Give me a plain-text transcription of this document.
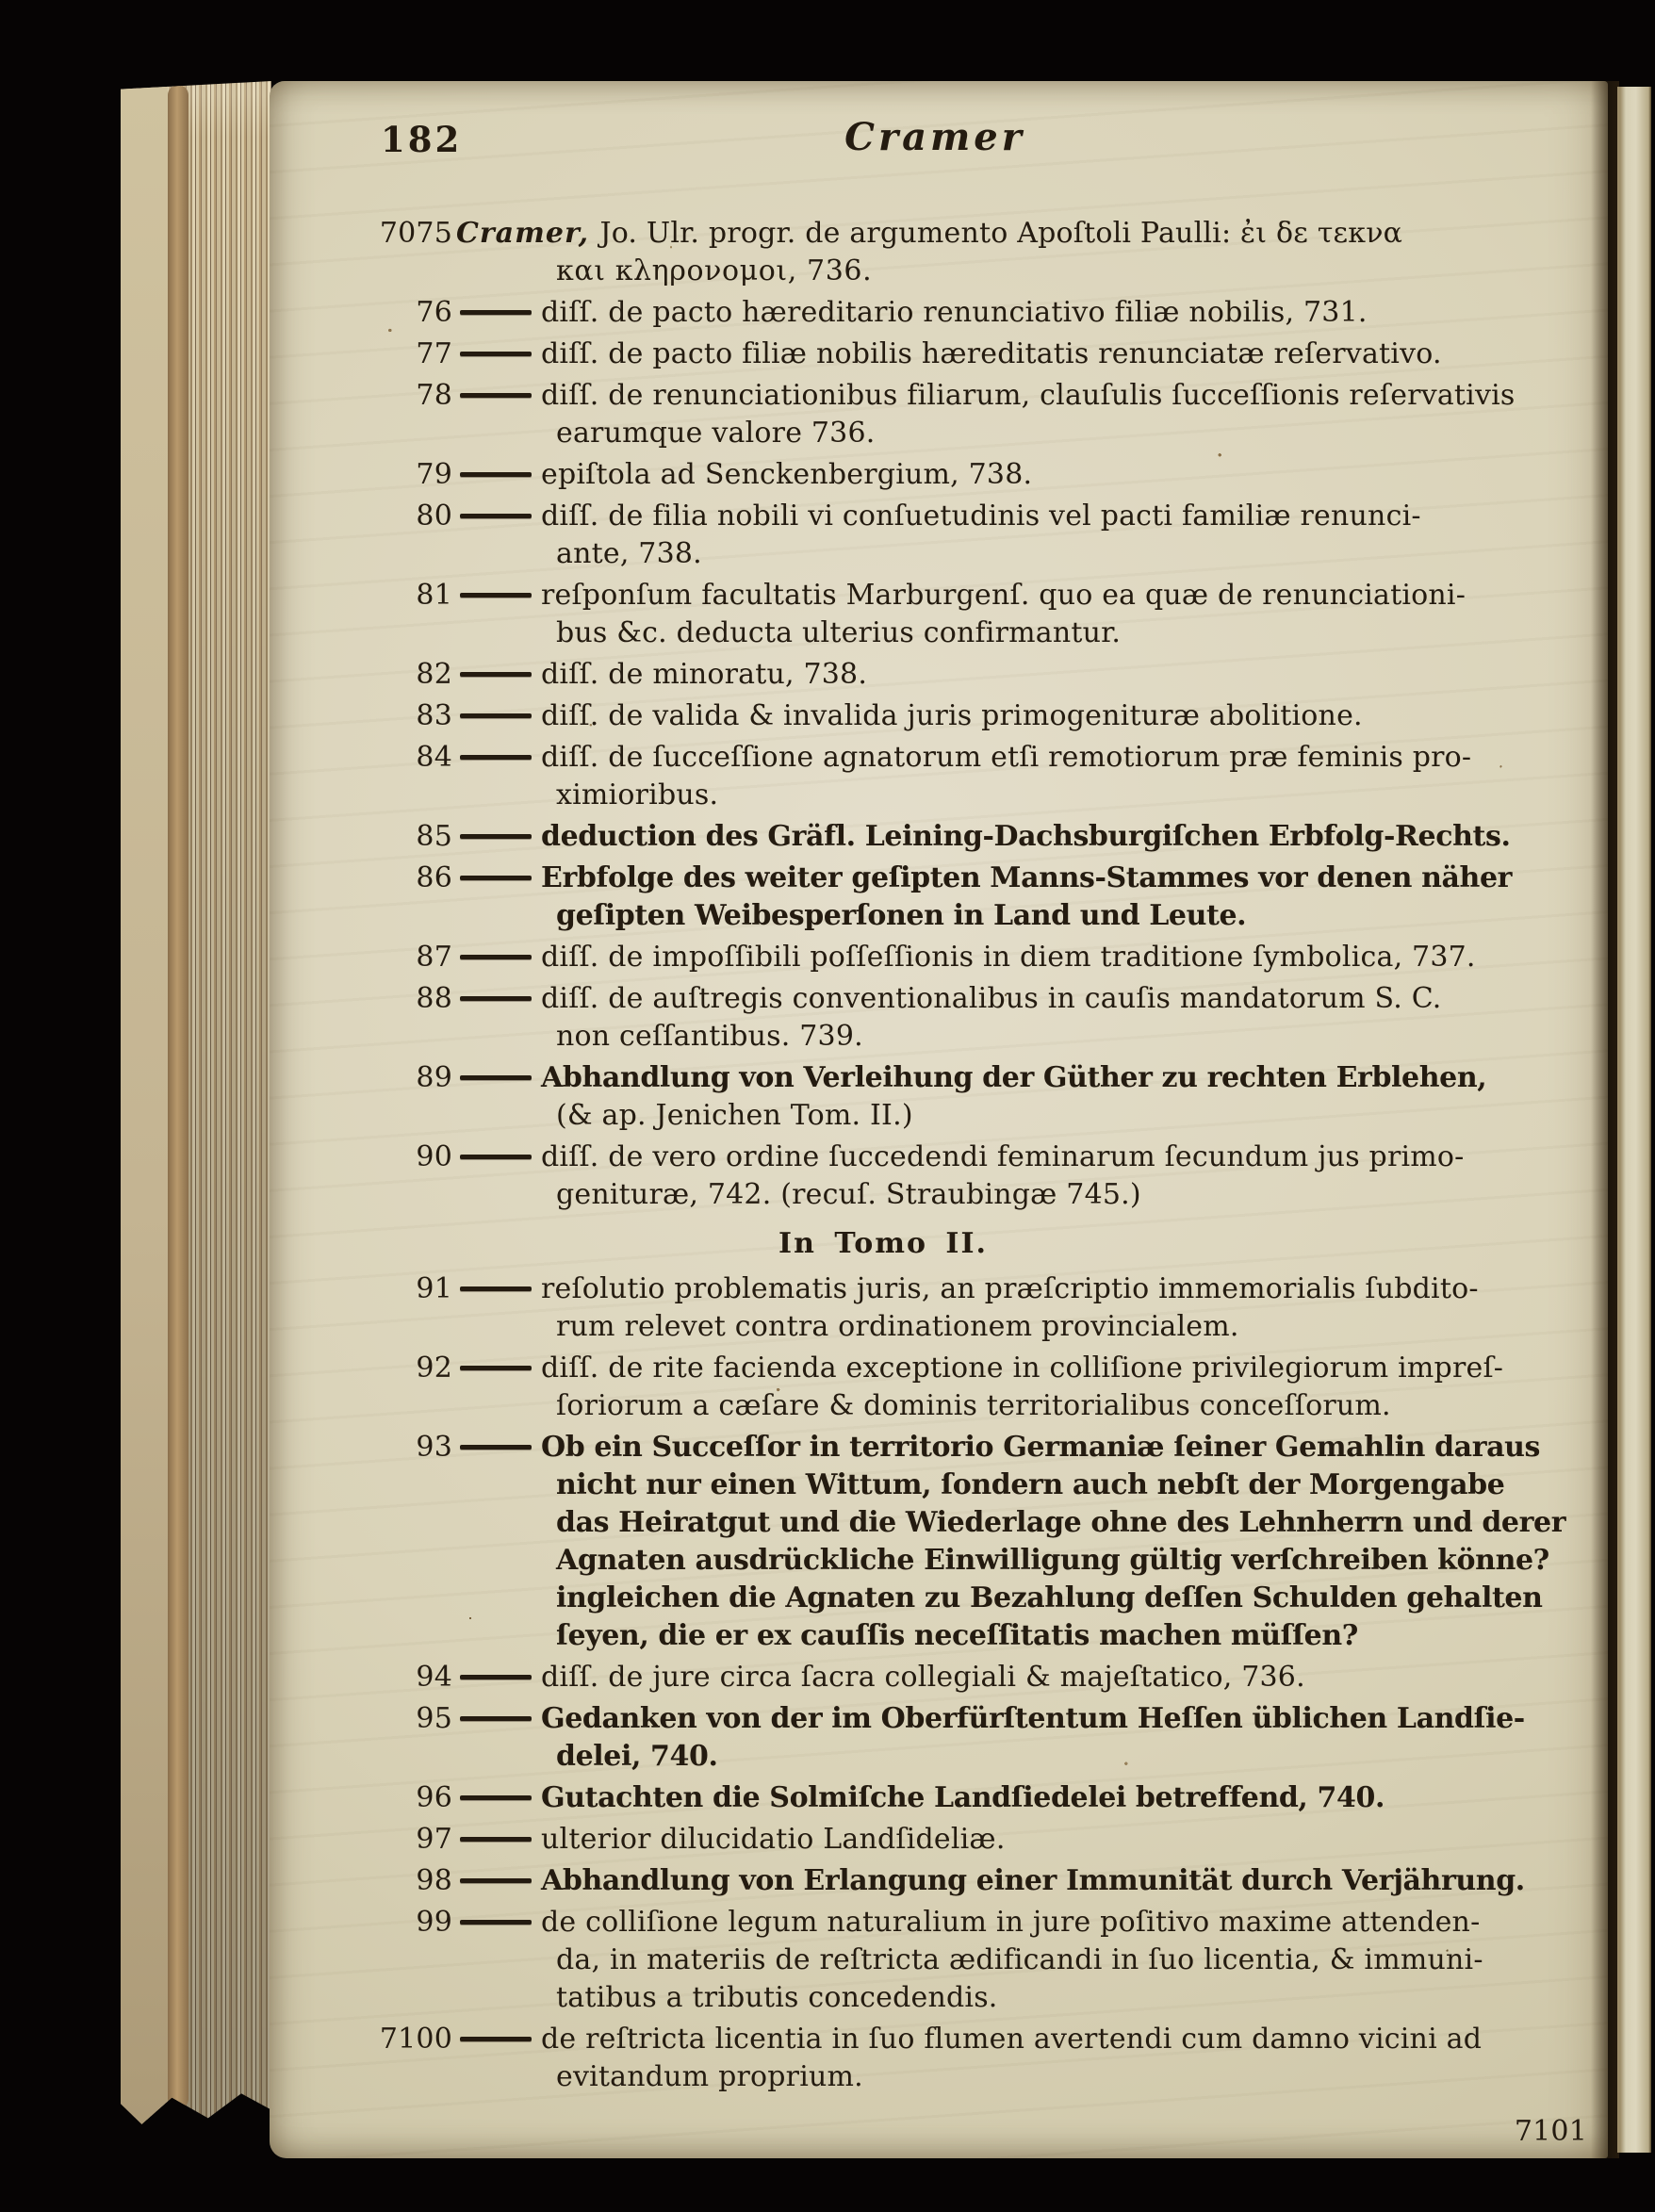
182	Cramer
7075 Cramer, Jo. Ulr. progr. de argumento Apoſtoli Paulli: ἐι δε τεκνα
και κληρονομοι, 736.
76	diſſ. de pacto hæreditario renunciativo filiæ nobilis, 731.
77	diſſ. de pacto filiæ nobilis hæreditatis renunciatæ reſervativo.
78	diſſ. de renunciationibus filiarum, clauſulis ſucceſſionis reſervativis
earumque valore 736.
79	epiſtola ad Senckenbergium, 738.
80	diſſ. de filia nobili vi conſuetudinis vel pacti familiæ renunci-
ante, 738.
81	reſponſum facultatis Marburgenſ. quo ea quæ de renunciationi-
bus &c. deducta ulterius confirmantur.
82	diſſ. de minoratu, 738.
83	diſſ. de valida & invalida juris primogenituræ abolitione.
84	diſſ. de ſucceſſione agnatorum etſi remotiorum præ feminis pro-
ximioribus.
85	deduction des Gräfl. Leining-Dachsburgiſchen Erbfolg-Rechts.
86	Erbfolge des weiter geſipten Manns-Stammes vor denen näher
geſipten Weibesperſonen in Land und Leute.
87	diſſ. de impoſſibili poſſeſſionis in diem traditione ſymbolica, 737.
88	diſſ. de auſtregis conventionalibus in cauſis mandatorum S. C.
non ceſſantibus. 739.
89	Abhandlung von Verleihung der Güther zu rechten Erblehen,
(& ap. Jenichen Tom. II.)
90	diſſ. de vero ordine ſuccedendi feminarum ſecundum jus primo-
genituræ, 742. (recuſ. Straubingæ 745.)
In Tomo II.
91	reſolutio problematis juris, an præſcriptio immemorialis ſubdito-
rum relevet contra ordinationem provincialem.
92	diſſ. de rite facienda exceptione in colliſione privilegiorum impreſ-
ſoriorum a cæſare & dominis territorialibus conceſſorum.
93	Ob ein Succeſſor in territorio Germaniæ ſeiner Gemahlin daraus
nicht nur einen Wittum, ſondern auch nebſt der Morgengabe
das Heiratgut und die Wiederlage ohne des Lehnherrn und derer
Agnaten ausdrückliche Einwilligung gültig verſchreiben könne?
ingleichen die Agnaten zu Bezahlung deſſen Schulden gehalten
ſeyen, die er ex cauſſis neceſſitatis machen müſſen?
94	diſſ. de jure circa ſacra collegiali & majeſtatico, 736.
95	Gedanken von der im Oberfürſtentum Heſſen üblichen Landſie-
delei, 740.
96	Gutachten die Solmiſche Landſiedelei betreffend, 740.
97	ulterior dilucidatio Landſideliæ.
98	Abhandlung von Erlangung einer Immunität durch Verjährung.
99	de colliſione legum naturalium in jure poſitivo maxime attenden-
da, in materiis de reſtricta ædificandi in ſuo licentia, & immuni-
tatibus a tributis concedendis.
7100	de reſtricta licentia in ſuo flumen avertendi cum damno vicini ad
evitandum proprium.
7101
